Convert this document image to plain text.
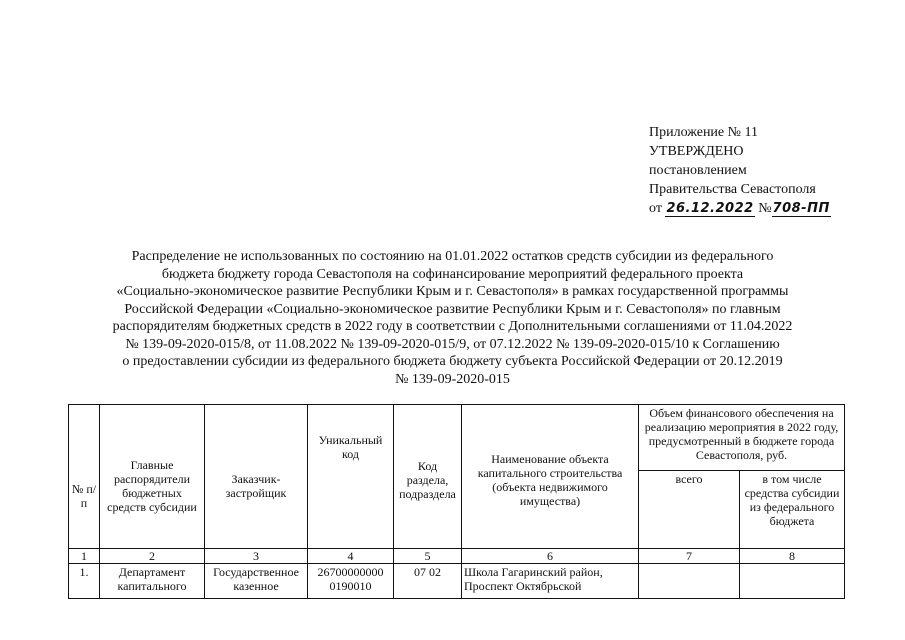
Приложение № 11
УТВЕРЖДЕНО
постановлением
Правительства Севастополя
от 26.12.2022 №708-ПП
Распределение не использованных по состоянию на 01.01.2022 остатков средств субсидии из федерального
бюджета бюджету города Севастополя на софинансирование мероприятий федерального проекта
«Социально-экономическое развитие Республики Крым и г. Севастополя» в рамках государственной программы
Российской Федерации «Социально-экономическое развитие Республики Крым и г. Севастополя» по главным
распорядителям бюджетных средств в 2022 году в соответствии с Дополнительными соглашениями от 11.04.2022
№ 139-09-2020-015/8, от 11.08.2022 № 139-09-2020-015/9, от 07.12.2022 № 139-09-2020-015/10 к Соглашению
о предоставлении субсидии из федерального бюджета бюджету субъекта Российской Федерации от 20.12.2019
№ 139-09-2020-015
№ п/п	Главные распорядители бюджетных средств субсидии	Заказчик-застройщик	Уникальный код	Код раздела, подраздела	Наименование объекта капитального строительства (объекта недвижимого имущества)	Объем финансового обеспечения на реализацию мероприятия в 2022 году, предусмотренный в бюджете города Севастополя, руб.	
						всего	в том числе средства субсидии из федерального бюджета
1	2	3	4	5	6	7	8
1.	Департамент капитального	Государственное казенное	26700000000 0190010	07 02	Школа Гагаринский район, Проспект Октябрьской		
